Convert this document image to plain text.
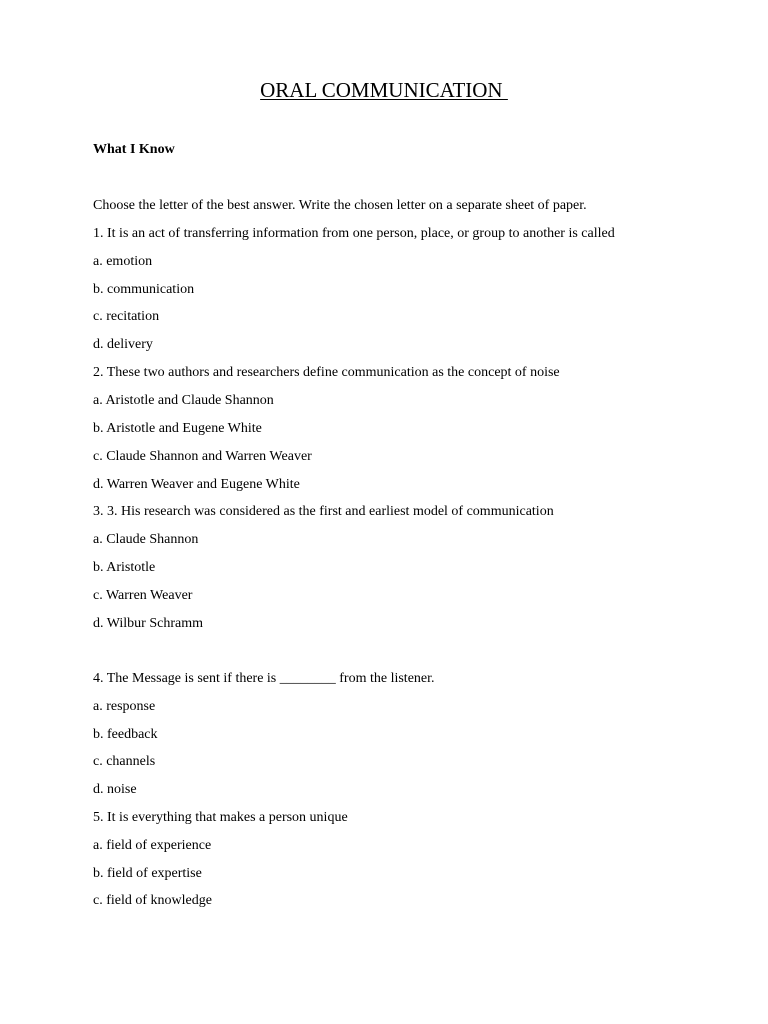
ORAL COMMUNICATION
What I Know
Choose the letter of the best answer. Write the chosen letter on a separate sheet of paper.
1. It is an act of transferring information from one person, place, or group to another is called
a. emotion
b. communication
c. recitation
d. delivery
2. These two authors and researchers define communication as the concept of noise
a. Aristotle and Claude Shannon
b. Aristotle and Eugene White
c. Claude Shannon and Warren Weaver
d. Warren Weaver and Eugene White
3. 3. His research was considered as the first and earliest model of communication
a. Claude Shannon
b. Aristotle
c. Warren Weaver
d. Wilbur Schramm
4. The Message is sent if there is ________ from the listener.
a. response
b. feedback
c. channels
d. noise
5. It is everything that makes a person unique
a. field of experience
b. field of expertise
c. field of knowledge
